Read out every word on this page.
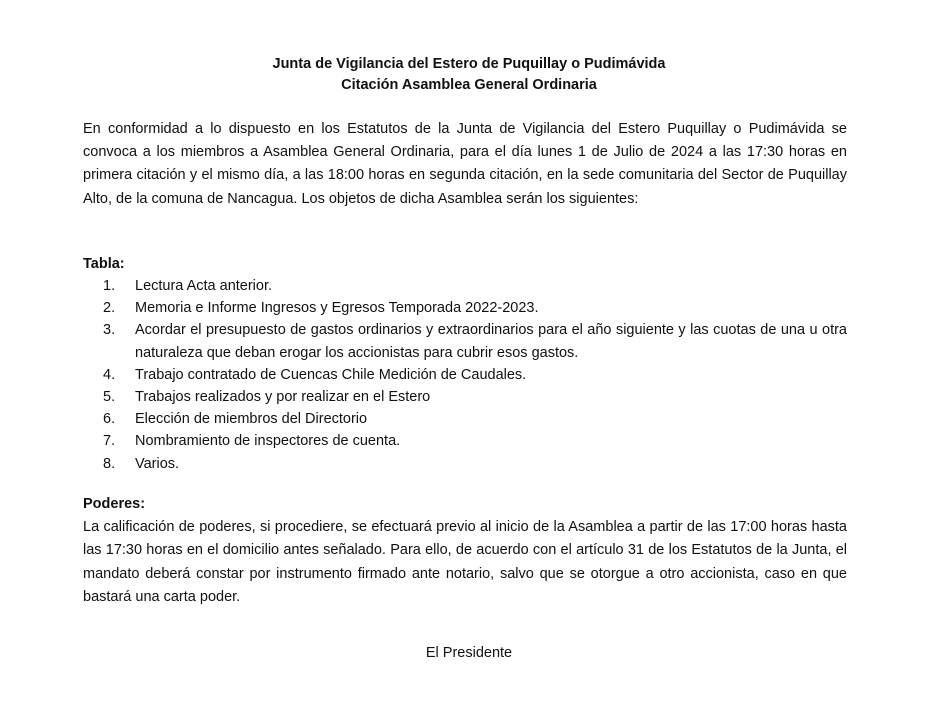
Junta de Vigilancia del Estero de Puquillay o Pudimávida
Citación Asamblea General Ordinaria
En conformidad a lo dispuesto en los Estatutos de la Junta de Vigilancia del Estero Puquillay o Pudimávida se convoca a los miembros a Asamblea General Ordinaria, para el día lunes 1 de Julio de 2024 a las 17:30 horas en primera citación y el mismo día, a las 18:00 horas en segunda citación, en la sede comunitaria del Sector de Puquillay Alto, de la comuna de Nancagua. Los objetos de dicha Asamblea serán los siguientes:
Tabla:
1. Lectura Acta anterior.
2. Memoria e Informe Ingresos y Egresos Temporada 2022-2023.
3. Acordar el presupuesto de gastos ordinarios y extraordinarios para el año siguiente y las cuotas de una u otra naturaleza que deban erogar los accionistas para cubrir esos gastos.
4. Trabajo contratado de Cuencas Chile Medición de Caudales.
5. Trabajos realizados y por realizar en el Estero
6. Elección de miembros del Directorio
7. Nombramiento de inspectores de cuenta.
8. Varios.
Poderes:
La calificación de poderes, si procediere, se efectuará previo al inicio de la Asamblea a partir de las 17:00 horas hasta las 17:30 horas en el domicilio antes señalado. Para ello, de acuerdo con el artículo 31 de los Estatutos de la Junta, el mandato deberá constar por instrumento firmado ante notario, salvo que se otorgue a otro accionista, caso en que bastará una carta poder.
El Presidente
